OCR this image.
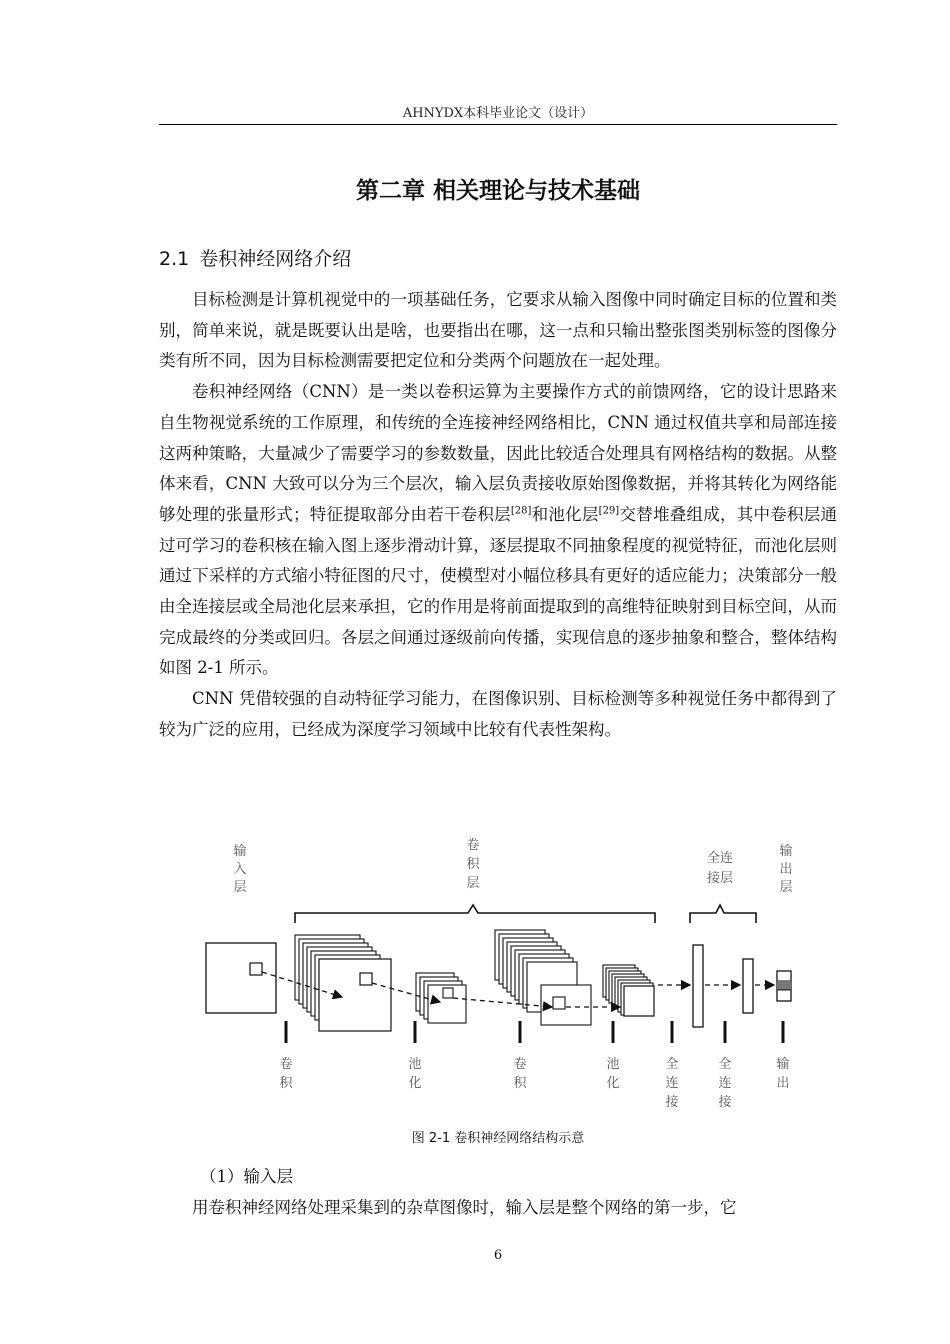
AHNYDX本科毕业论文（设计）
第二章 相关理论与技术基础
2.1 卷积神经网络介绍

目标检测是计算机视觉中的一项基础任务，它要求从输入图像中同时确定目标的位置和类别，简单来说，就是既要认出是啥，也要指出在哪，这一点和只输出整张图类别标签的图像分类有所不同，因为目标检测需要把定位和分类两个问题放在一起处理。

卷积神经网络（CNN）是一类以卷积运算为主要操作方式的前馈网络，它的设计思路来自生物视觉系统的工作原理，和传统的全连接神经网络相比，CNN 通过权值共享和局部连接这两种策略，大量减少了需要学习的参数数量，因此比较适合处理具有网格结构的数据。从整体来看，CNN 大致可以分为三个层次，输入层负责接收原始图像数据，并将其转化为网络能够处理的张量形式；特征提取部分由若干卷积层[28]和池化层[29]交替堆叠组成，其中卷积层通过可学习的卷积核在输入图上逐步滑动计算，逐层提取不同抽象程度的视觉特征，而池化层则通过下采样的方式缩小特征图的尺寸，使模型对小幅位移具有更好的适应能力；决策部分一般由全连接层或全局池化层来承担，它的作用是将前面提取到的高维特征映射到目标空间，从而完成最终的分类或回归。各层之间通过逐级前向传播，实现信息的逐步抽象和整合，整体结构如图 2-1 所示。

CNN 凭借较强的自动特征学习能力，在图像识别、目标检测等多种视觉任务中都得到了较为广泛的应用，已经成为深度学习领域中比较有代表性架构。

输
入
层
卷
积
层
全连
接层
输
出
层
卷
积
池
化
卷
积
池
化
全
连
接
全
连
接
输
出
图 2-1 卷积神经网络结构示意
（1）输入层

用卷积神经网络处理采集到的杂草图像时，输入层是整个网络的第一步，它

6
